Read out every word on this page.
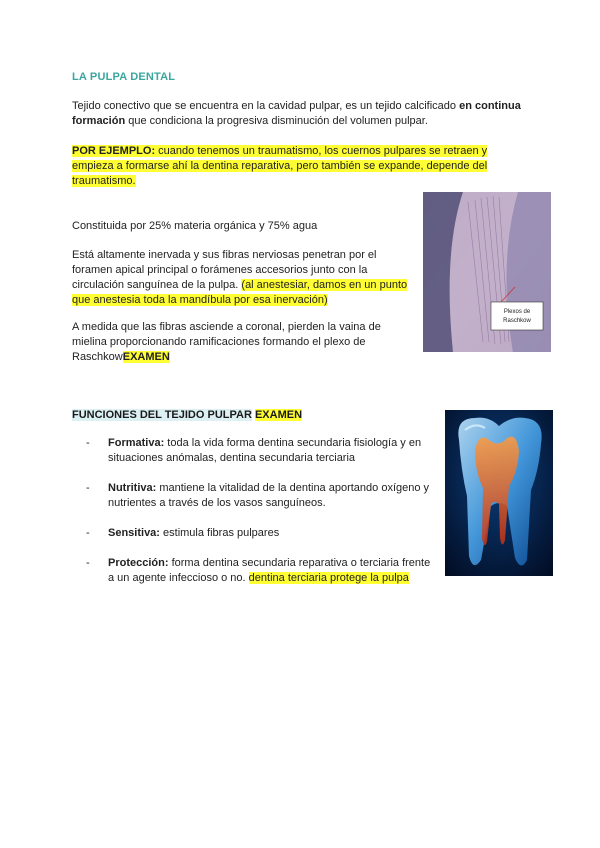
LA PULPA DENTAL
Tejido conectivo que se encuentra en la cavidad pulpar, es un tejido calcificado en continua formación que condiciona la progresiva disminución del volumen pulpar.
POR EJEMPLO: cuando tenemos un traumatismo, los cuernos pulpares se retraen y empieza a formarse ahí la dentina reparativa, pero también se expande, depende del traumatismo.
Constituida por 25% materia orgánica y 75% agua
Está altamente inervada y sus fibras nerviosas penetran por el foramen apical principal o forámenes accesorios junto con la circulación sanguínea de la pulpa. (al anestesiar, damos en un punto que anestesia toda la mandíbula por esa inervación)
A medida que las fibras asciende a coronal, pierden la vaina de mielina proporcionando ramificaciones formando el plexo de RaschkowEXAMEN
Plexos de
Raschkow
FUNCIONES DEL TEJIDO PULPAR EXAMEN
- Formativa: toda la vida forma dentina secundaria fisiología y en situaciones anómalas, dentina secundaria terciaria
- Nutritiva: mantiene la vitalidad de la dentina aportando oxígeno y nutrientes a través de los vasos sanguíneos.
- Sensitiva: estimula fibras pulpares
- Protección: forma dentina secundaria reparativa o terciaria frente a un agente infeccioso o no. dentina terciaria protege la pulpa
